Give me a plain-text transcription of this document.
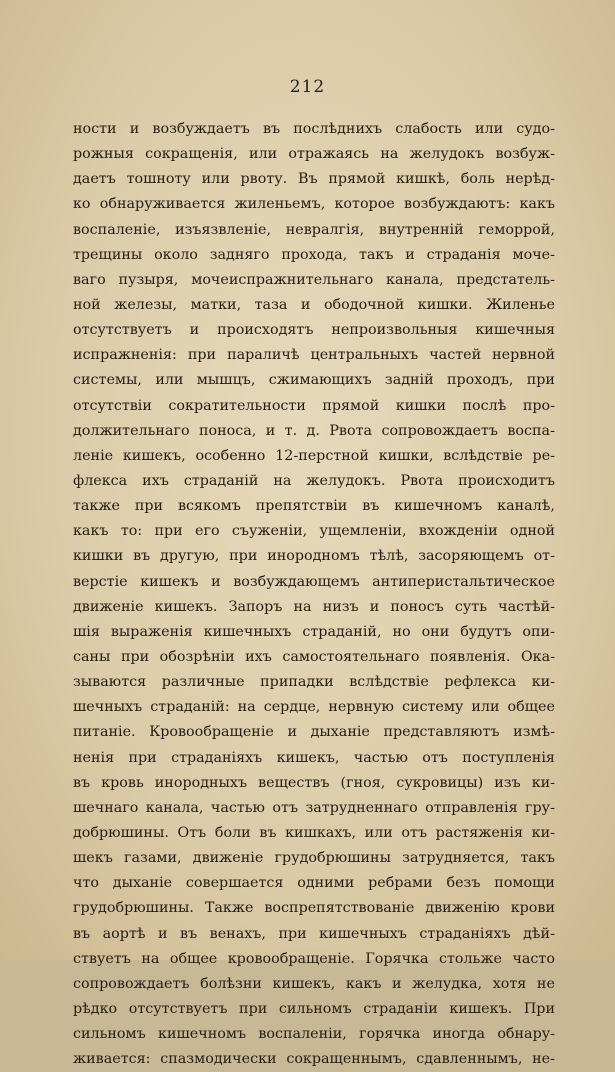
212
ности и возбуждаетъ въ послѣднихъ слабость или судо-
рожныя сокращенія, или отражаясь на желудокъ возбуж-
даетъ тошноту или рвоту. Въ прямой кишкѣ, боль нерѣд-
ко обнаруживается жиленьемъ, которое возбуждаютъ: какъ
воспаленіе, изъязвленіе, невралгія, внутренній геморрой,
трещины около задняго прохода, такъ и страданія моче-
ваго пузыря, мочеиспражнительнаго канала, предстатель-
ной железы, матки, таза и ободочной кишки. Жиленье
отсутствуетъ и происходятъ непроизвольныя кишечныя
испражненія: при параличѣ центральныхъ частей нервной
системы, или мышцъ, сжимающихъ задній проходъ, при
отсутствіи сократительности прямой кишки послѣ про-
должительнаго поноса, и т. д. Рвота сопровождаетъ воспа-
леніе кишекъ, особенно 12-перстной кишки, вслѣдствіе ре-
флекса ихъ страданій на желудокъ. Рвота происходитъ
также при всякомъ препятствіи въ кишечномъ каналѣ,
какъ то: при его съуженіи, ущемленіи, вхожденіи одной
кишки въ другую, при инородномъ тѣлѣ, засоряющемъ от-
верстіе кишекъ и возбуждающемъ антиперистальтическое
движеніе кишекъ. Запоръ на низъ и поносъ суть частѣй-
шія выраженія кишечныхъ страданій, но они будутъ опи-
саны при обозрѣніи ихъ самостоятельнаго появленія. Ока-
зываются различные припадки вслѣдствіе рефлекса ки-
шечныхъ страданій: на сердце, нервную систему или общее
питаніе. Кровообращеніе и дыханіе представляютъ измѣ-
ненія при страданіяхъ кишекъ, частью отъ поступленія
въ кровь инородныхъ веществъ (гноя, сукровицы) изъ ки-
шечнаго канала, частью отъ затрудненнаго отправленія гру-
добрюшины. Отъ боли въ кишкахъ, или отъ растяженія ки-
шекъ газами, движеніе грудобрюшины затрудняется, такъ
что дыханіе совершается одними ребрами безъ помощи
грудобрюшины. Также воспрепятствованіе движенію крови
въ аортѣ и въ венахъ, при кишечныхъ страданіяхъ дѣй-
ствуетъ на общее кровообращеніе. Горячка стольже часто
сопровождаетъ болѣзни кишекъ, какъ и желудка, хотя не
рѣдко отсутствуетъ при сильномъ страданіи кишекъ. При
сильномъ кишечномъ воспаленіи, горячка иногда обнару-
живается: спазмодически сокращеннымъ, сдавленнымъ, не-
